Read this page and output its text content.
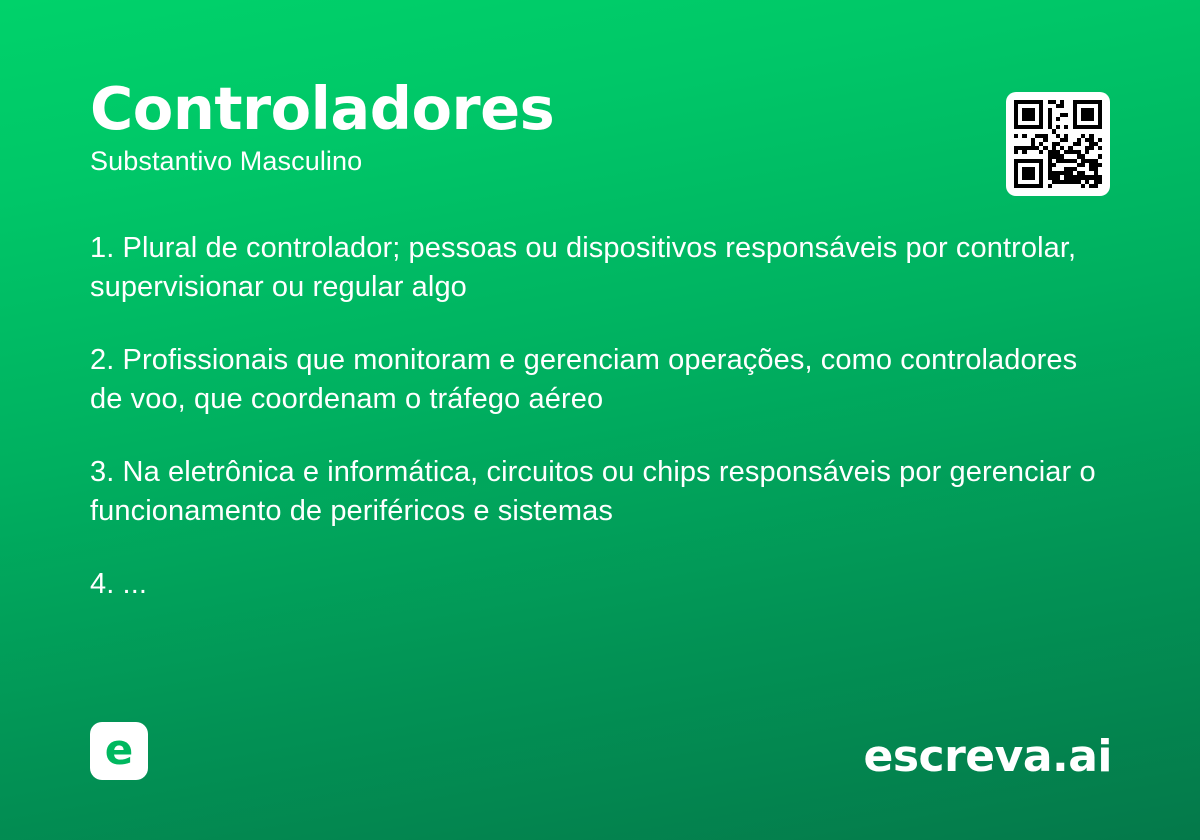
Controladores

Substantivo Masculino

1. Plural de controlador; pessoas ou dispositivos responsáveis por controlar, supervisionar ou regular algo

2. Profissionais que monitoram e gerenciam operações, como controladores de voo, que coordenam o tráfego aéreo

3. Na eletrônica e informática, circuitos ou chips responsáveis por gerenciar o funcionamento de periféricos e sistemas

4. ...

e	escreva.ai
